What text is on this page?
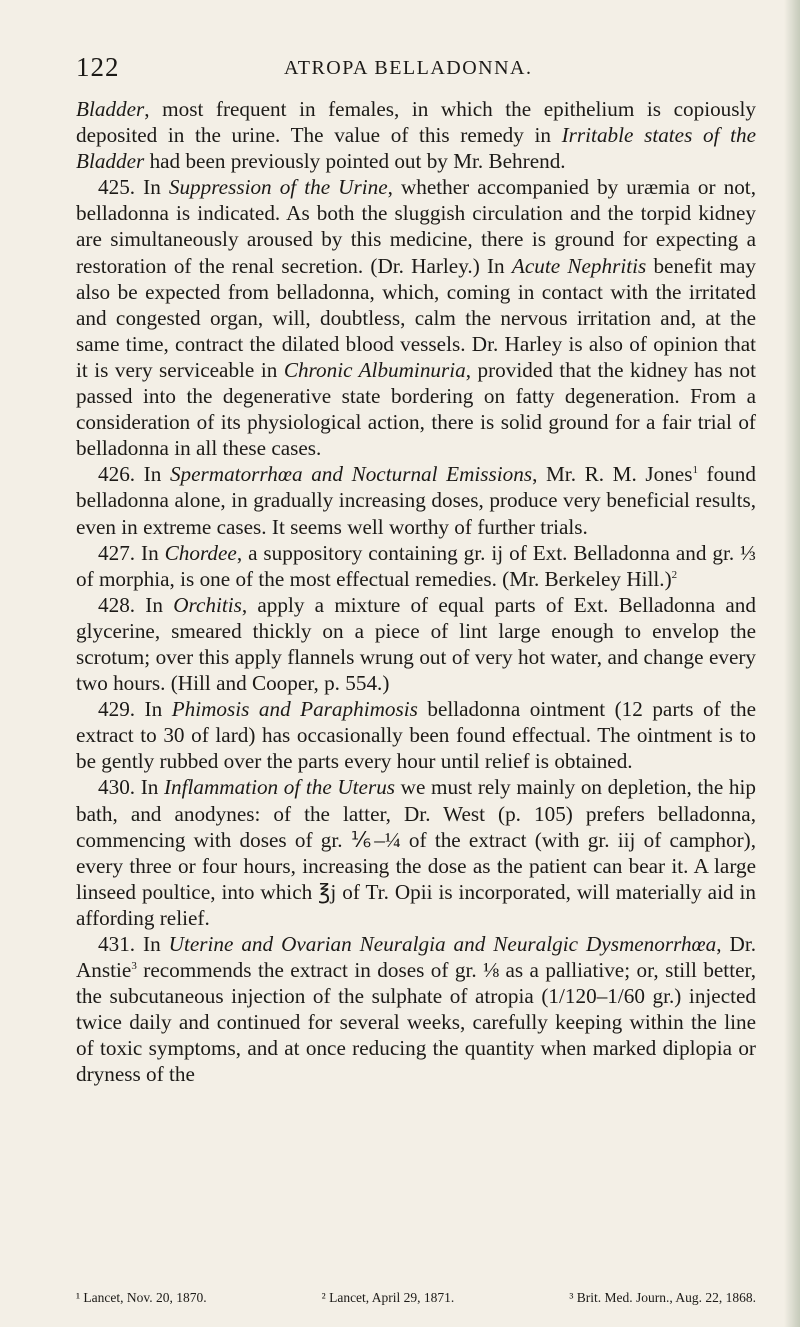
122	ATROPA BELLADONNA.

Bladder, most frequent in females, in which the epithelium is copiously deposited in the urine. The value of this remedy in Irritable states of the Bladder had been previously pointed out by Mr. Behrend.

425. In Suppression of the Urine, whether accompanied by uræmia or not, belladonna is indicated. As both the sluggish circulation and the torpid kidney are simultaneously aroused by this medicine, there is ground for expecting a restoration of the renal secretion. (Dr. Harley.) In Acute Nephritis benefit may also be expected from belladonna, which, coming in contact with the irritated and congested organ, will, doubtless, calm the nervous irritation and, at the same time, contract the dilated blood vessels. Dr. Harley is also of opinion that it is very serviceable in Chronic Albuminuria, provided that the kidney has not passed into the degenerative state bordering on fatty degeneration. From a consideration of its physiological action, there is solid ground for a fair trial of belladonna in all these cases.

426. In Spermatorrhœa and Nocturnal Emissions, Mr. R. M. Jones$^1$ found belladonna alone, in gradually increasing doses, produce very beneficial results, even in extreme cases. It seems well worthy of further trials.

427. In Chordee, a suppository containing gr. ij of Ext. Belladonna and gr. ⅓ of morphia, is one of the most effectual remedies. (Mr. Berkeley Hill.)$^2$

428. In Orchitis, apply a mixture of equal parts of Ext. Belladonna and glycerine, smeared thickly on a piece of lint large enough to envelop the scrotum; over this apply flannels wrung out of very hot water, and change every two hours. (Hill and Cooper, p. 554.)

429. In Phimosis and Paraphimosis belladonna ointment (12 parts of the extract to 30 of lard) has occasionally been found effectual. The ointment is to be gently rubbed over the parts every hour until relief is obtained.

430. In Inflammation of the Uterus we must rely mainly on depletion, the hip bath, and anodynes: of the latter, Dr. West (p. 105) prefers belladonna, commencing with doses of gr. ⅙–¼ of the extract (with gr. iij of camphor), every three or four hours, increasing the dose as the patient can bear it. A large linseed poultice, into which ℥j of Tr. Opii is incorporated, will materially aid in affording relief.

431. In Uterine and Ovarian Neuralgia and Neuralgic Dysmenorrhœa, Dr. Anstie$^3$ recommends the extract in doses of gr. ⅛ as a palliative; or, still better, the subcutaneous injection of the sulphate of atropia (1/120–1/60 gr.) injected twice daily and continued for several weeks, carefully keeping within the line of toxic symptoms, and at once reducing the quantity when marked diplopia or dryness of the

¹ Lancet, Nov. 20, 1870.	² Lancet, April 29, 1871.	³ Brit. Med. Journ., Aug. 22, 1868.
